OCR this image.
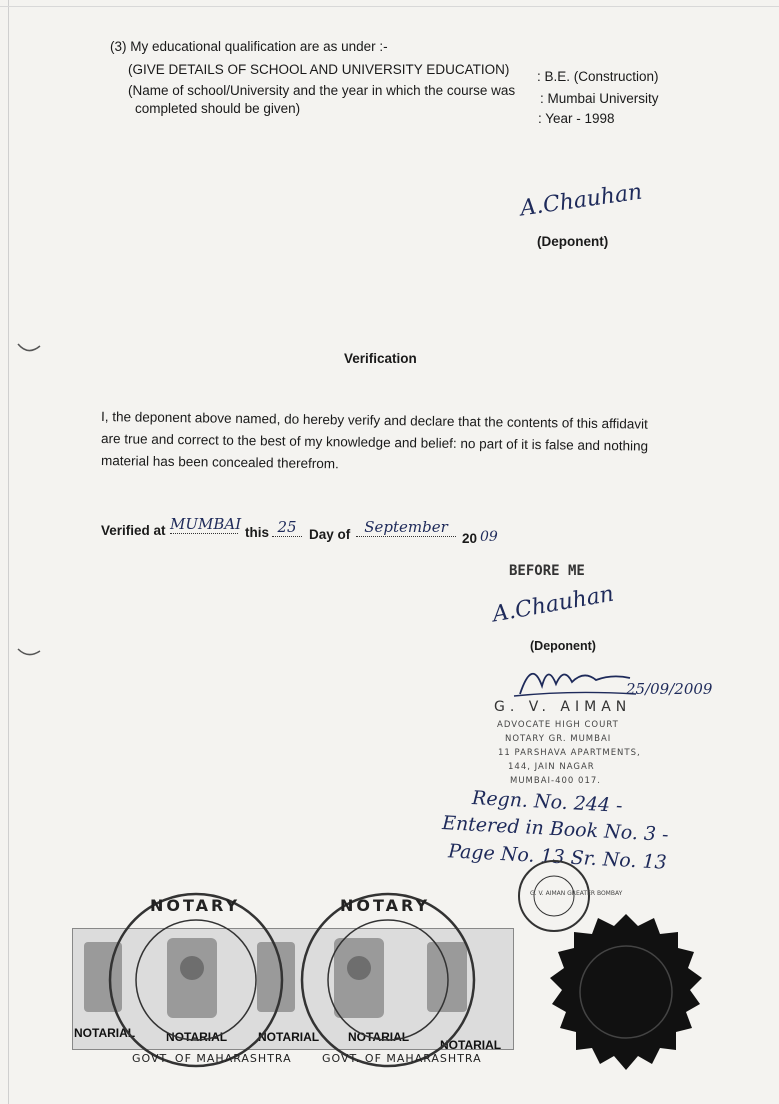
(3) My educational qualification are as under :-
(GIVE DETAILS OF SCHOOL AND UNIVERSITY EDUCATION)
(Name of school/University and the year in which the course was
completed should be given)
: B.E. (Construction)
: Mumbai University
: Year - 1998
A.Chauhan
(Deponent)
Verification
I, the deponent above named, do hereby verify and declare that the contents of this affidavit
are true and correct to the best of my knowledge and belief: no part of it is false and nothing
material has been concealed therefrom.
Verified at MUMBAI this 25 Day of September
20 09
BEFORE ME
A.Chauhan
(Deponent)
25/09/2009
G. V. AIMAN
ADVOCATE HIGH COURT
NOTARY GR. MUMBAI
11 PARSHAVA APARTMENTS,
144, JAIN NAGAR
MUMBAI-400 017.
Regn. No. 244 -
Entered in Book No. 3 -
Page No. 13 Sr. No. 13
NOTARIAL	NOTARIAL	NOTARIAL NOTARIAL
NOTARIAL
NOTARY
GOVT. OF MAHARASHTRA
NOTARY
GOVT. OF MAHARASHTRA
G. V. AIMAN GREATER BOMBAY
